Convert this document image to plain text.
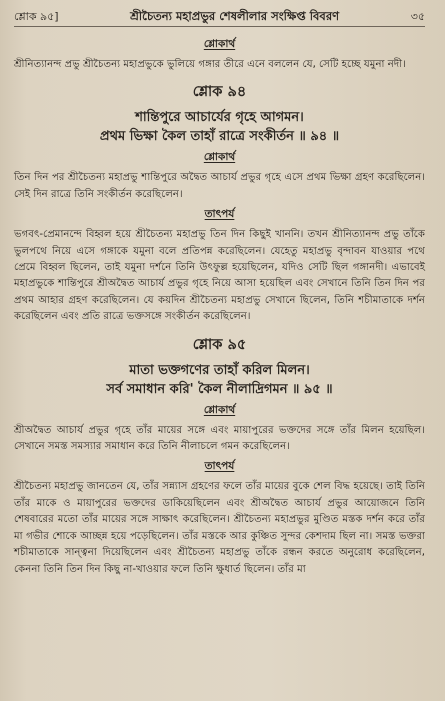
শ্লোক ৯৫]	শ্রীচৈতন্য মহাপ্রভুর শেষলীলার সংক্ষিপ্ত বিবরণ	৩৫
শ্লোকার্থ

শ্রীনিত্যানন্দ প্রভু শ্রীচৈতন্য মহাপ্রভুকে ভুলিয়ে গঙ্গার তীরে এনে বললেন যে, সেটি হচ্ছে যমুনা নদী।

শ্লোক ৯৪
শান্তিপুরে আচার্যের গৃহে আগমন।
প্রথম ভিক্ষা কৈল তাহাঁ রাত্রে সংকীর্তন ॥ ৯৪ ॥
শ্লোকার্থ

তিন দিন পর শ্রীচৈতন্য মহাপ্রভু শান্তিপুরে অদ্বৈত আচার্য প্রভুর গৃহে এসে প্রথম ভিক্ষা গ্রহণ করেছিলেন। সেই দিন রাত্রে তিনি সংকীর্তন করেছিলেন।

তাৎপর্য

ভগবৎ-প্রেমানন্দে বিহ্বল হয়ে শ্রীচৈতন্য মহাপ্রভু তিন দিন কিছুই খাননি। তখন শ্রীনিত্যানন্দ প্রভু তাঁকে ভুলপথে নিয়ে এসে গঙ্গাকে যমুনা বলে প্রতিপন্ন করেছিলেন। যেহেতু মহাপ্রভু বৃন্দাবন যাওয়ার পথে প্রেমে বিহ্বল ছিলেন, তাই যমুনা দর্শনে তিনি উৎফুল্ল হয়েছিলেন, যদিও সেটি ছিল গঙ্গানদী। এভাবেই মহাপ্রভুকে শান্তিপুরে শ্রীঅদ্বৈত আচার্য প্রভুর গৃহে নিয়ে আসা হয়েছিল এবং সেখানে তিনি তিন দিন পর প্রথম আহার গ্রহণ করেছিলেন। যে কয়দিন শ্রীচৈতন্য মহাপ্রভু সেখানে ছিলেন, তিনি শচীমাতাকে দর্শন করেছিলেন এবং প্রতি রাত্রে ভক্তসঙ্গে সংকীর্তন করেছিলেন।

শ্লোক ৯৫
মাতা ভক্তগণের তাহাঁ করিল মিলন।
সর্ব সমাধান করি' কৈল নীলাদ্রিগমন ॥ ৯৫ ॥
শ্লোকার্থ

শ্রীঅদ্বৈত আচার্য প্রভুর গৃহে তাঁর মায়ের সঙ্গে এবং মায়াপুরের ভক্তদের সঙ্গে তাঁর মিলন হয়েছিল। সেখানে সমস্ত সমস্যার সমাধান করে তিনি নীলাচলে গমন করেছিলেন।

তাৎপর্য

শ্রীচৈতন্য মহাপ্রভু জানতেন যে, তাঁর সন্ন্যাস গ্রহণের ফলে তাঁর মায়ের বুকে শেল বিদ্ধ হয়েছে। তাই তিনি তাঁর মাকে ও মায়াপুরের ভক্তদের ডাকিয়েছিলেন এবং শ্রীঅদ্বৈত আচার্য প্রভুর আয়োজনে তিনি শেষবারের মতো তাঁর মায়ের সঙ্গে সাক্ষাৎ করেছিলেন। শ্রীচৈতন্য মহাপ্রভুর মুণ্ডিত মস্তক দর্শন করে তাঁর মা গভীর শোকে আচ্ছন্ন হয়ে পড়েছিলেন। তাঁর মস্তকে আর কুঞ্চিত সুন্দর কেশদাম ছিল না। সমস্ত ভক্তরা শচীমাতাকে সান্ত্বনা দিয়েছিলেন এবং শ্রীচৈতন্য মহাপ্রভু তাঁকে রন্ধন করতে অনুরোধ করেছিলেন, কেননা তিনি তিন দিন কিছু না-খাওয়ার ফলে তিনি ক্ষুধার্ত ছিলেন। তাঁর মা
